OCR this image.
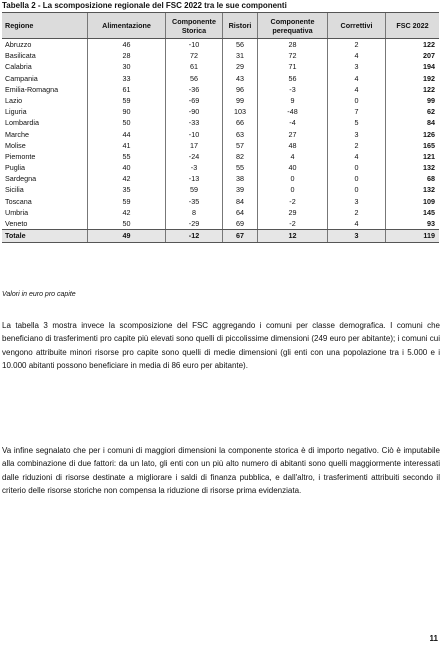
Tabella 2 - La scomposizione regionale del FSC 2022 tra le sue componenti
Regione	Alimentazione	Componente Storica	Ristori	Componente perequativa	Correttivi	FSC 2022
Abruzzo	46	-10	56	28	2	122
Basilicata	28	72	31	72	4	207
Calabria	30	61	29	71	3	194
Campania	33	56	43	56	4	192
Emilia-Romagna	61	-36	96	-3	4	122
Lazio	59	-69	99	9	0	99
Liguria	90	-90	103	-48	7	62
Lombardia	50	-33	66	-4	5	84
Marche	44	-10	63	27	3	126
Molise	41	17	57	48	2	165
Piemonte	55	-24	82	4	4	121
Puglia	40	-3	55	40	0	132
Sardegna	42	-13	38	0	0	68
Sicilia	35	59	39	0	0	132
Toscana	59	-35	84	-2	3	109
Umbria	42	8	64	29	2	145
Veneto	50	-29	69	-2	4	93
Totale	49	-12	67	12	3	119
Valori in euro pro capite
La tabella 3 mostra invece la scomposizione del FSC aggregando i comuni per classe demografica. I comuni che beneficiano di trasferimenti pro capite più elevati sono quelli di piccolissime dimensioni (249 euro per abitante); i comuni cui vengono attribuite minori risorse pro capite sono quelli di medie dimensioni (gli enti con una popolazione tra i 5.000 e i 10.000 abitanti possono beneficiare in media di 86 euro per abitante).
Va infine segnalato che per i comuni di maggiori dimensioni la componente storica è di importo negativo. Ciò è imputabile alla combinazione di due fattori: da un lato, gli enti con un più alto numero di abitanti sono quelli maggiormente interessati dalle riduzioni di risorse destinate a migliorare i saldi di finanza pubblica, e dall'altro, i trasferimenti attribuiti secondo il criterio delle risorse storiche non compensa la riduzione di risorse prima evidenziata.
11
